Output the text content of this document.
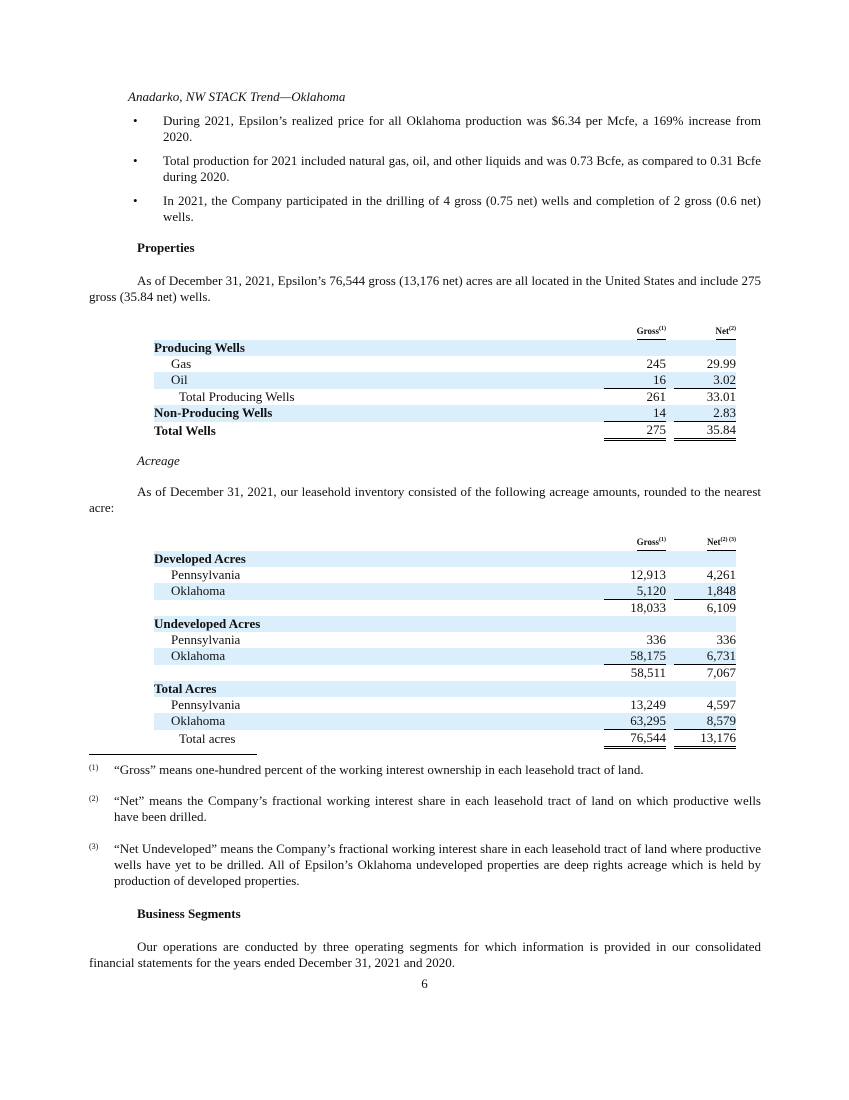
Anadarko, NW STACK Trend—Oklahoma
• During 2021, Epsilon’s realized price for all Oklahoma production was $6.34 per Mcfe, a 169% increase from 2020.
• Total production for 2021 included natural gas, oil, and other liquids and was 0.73 Bcfe, as compared to 0.31 Bcfe during 2020.
• In 2021, the Company participated in the drilling of 4 gross (0.75 net) wells and completion of 2 gross (0.6 net) wells.
Properties
As of December 31, 2021, Epsilon’s 76,544 gross (13,176 net) acres are all located in the United States and include 275 gross (35.84 net) wells.
	Gross$^{(1)}$		Net$^{(2)}$
Producing Wells			
Gas	245		29.99
Oil	16		3.02
Total Producing Wells	261		33.01
Non-Producing Wells	14		2.83
Total Wells	275		35.84
Acreage
As of December 31, 2021, our leasehold inventory consisted of the following acreage amounts, rounded to the nearest acre:
	Gross$^{(1)}$		Net$^{(2) (3)}$
Developed Acres			
Pennsylvania	12,913		4,261
Oklahoma	5,120		1,848
	18,033		6,109
Undeveloped Acres			
Pennsylvania	336		336
Oklahoma	58,175		6,731
	58,511		7,067
Total Acres			
Pennsylvania	13,249		4,597
Oklahoma	63,295		8,579
Total acres	76,544		13,176
(1) “Gross” means one-hundred percent of the working interest ownership in each leasehold tract of land.
(2) “Net” means the Company’s fractional working interest share in each leasehold tract of land on which productive wells have been drilled.
(3) “Net Undeveloped” means the Company’s fractional working interest share in each leasehold tract of land where productive wells have yet to be drilled. All of Epsilon’s Oklahoma undeveloped properties are deep rights acreage which is held by production of developed properties.
Business Segments
Our operations are conducted by three operating segments for which information is provided in our consolidated financial statements for the years ended December 31, 2021 and 2020.
6
